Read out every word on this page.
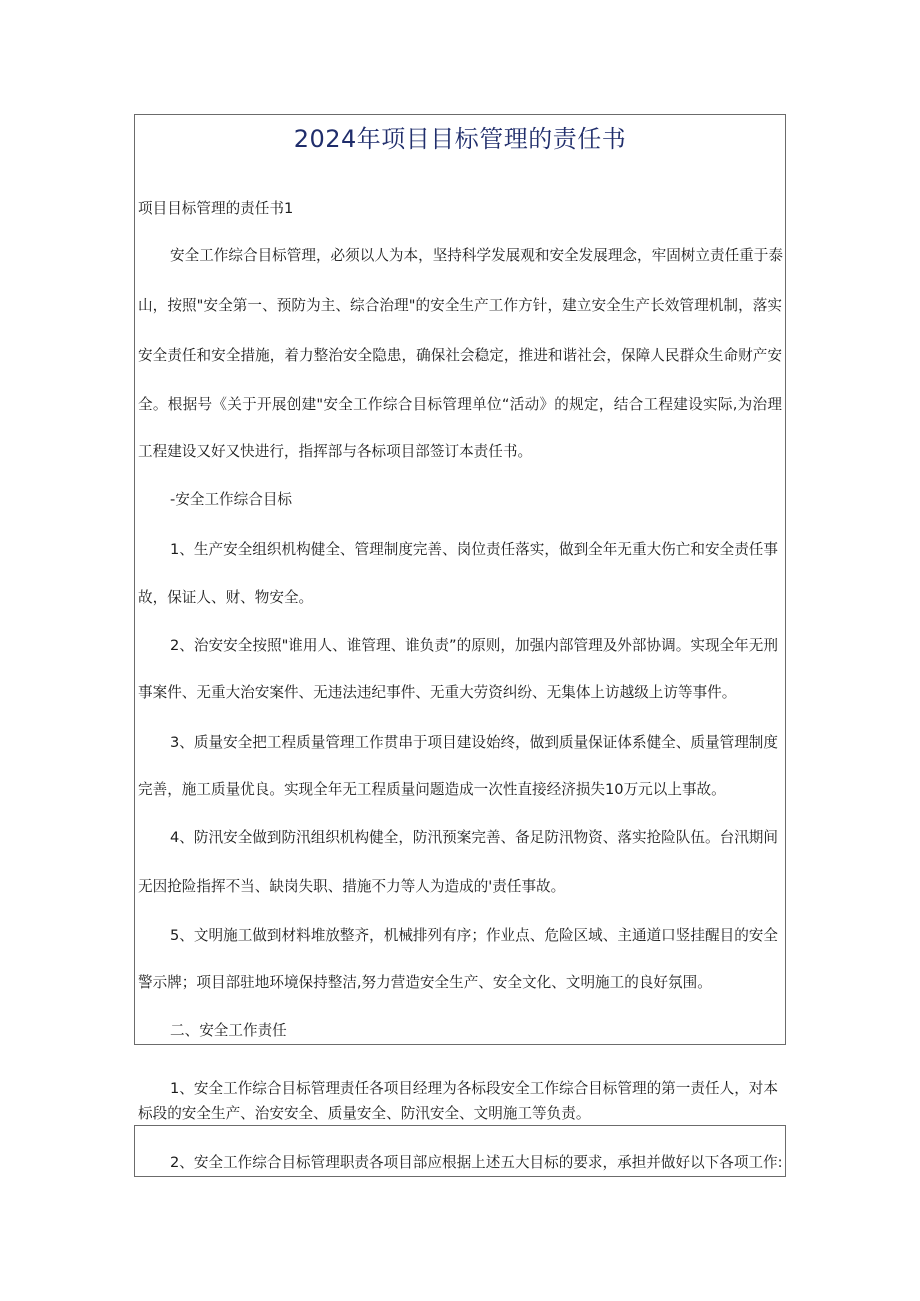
2024年项目目标管理的责任书
项目目标管理的责任书1
安全工作综合目标管理，必须以人为本，坚持科学发展观和安全发展理念，牢固树立责任重于泰
山，按照"安全第一、预防为主、综合治理"的安全生产工作方针，建立安全生产长效管理机制，落实
安全责任和安全措施，着力整治安全隐患，确保社会稳定，推进和谐社会，保障人民群众生命财产安
全。根据号《关于开展创建"安全工作综合目标管理单位“活动》的规定，结合工程建设实际,为治理
工程建设又好又快进行，指挥部与各标项目部签订本责任书。
-安全工作综合目标
1、生产安全组织机构健全、管理制度完善、岗位责任落实，做到全年无重大伤亡和安全责任事
故，保证人、财、物安全。
2、治安安全按照"谁用人、谁管理、谁负责”的原则，加强内部管理及外部协调。实现全年无刑
事案件、无重大治安案件、无违法违纪事件、无重大劳资纠纷、无集体上访越级上访等事件。
3、质量安全把工程质量管理工作贯串于项目建设始终，做到质量保证体系健全、质量管理制度
完善，施工质量优良。实现全年无工程质量问题造成一次性直接经济损失10万元以上事故。
4、防汛安全做到防汛组织机构健全，防汛预案完善、备足防汛物资、落实抢险队伍。台汛期间
无因抢险指挥不当、缺岗失职、措施不力等人为造成的'责任事故。
5、文明施工做到材料堆放整齐，机械排列有序；作业点、危险区域、主通道口竖挂醒目的安全
警示牌；项目部驻地环境保持整洁,努力营造安全生产、安全文化、文明施工的良好氛围。
二、安全工作责任
1、安全工作综合目标管理责任各项目经理为各标段安全工作综合目标管理的第一责任人，对本
标段的安全生产、治安安全、质量安全、防汛安全、文明施工等负责。
2、安全工作综合目标管理职责各项目部应根据上述五大目标的要求，承担并做好以下各项工作:
